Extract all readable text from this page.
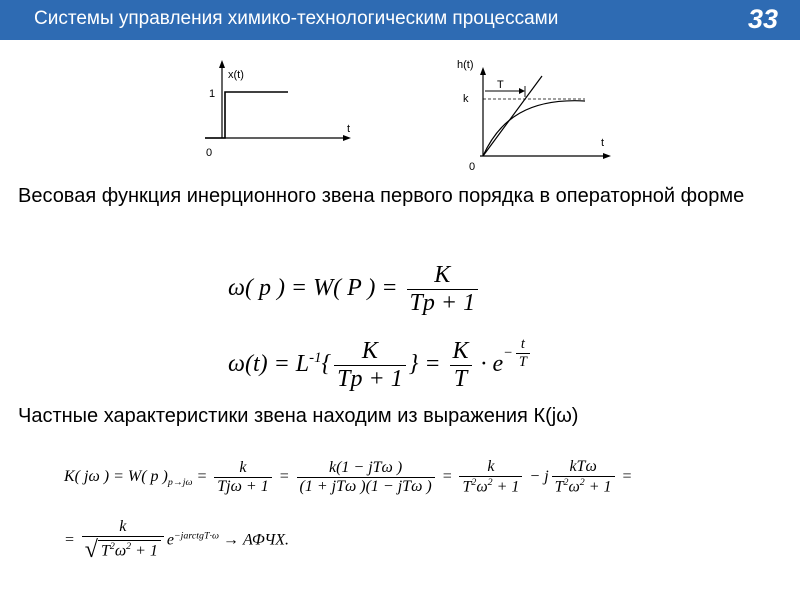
Системы управления химико-технологическим процессами	33
x(t)
1
0
t
h(t)
T
k
0
t
Весовая функция инерционного звена первого порядка в операторной форме
ω( p ) = W( P ) = $\frac{K}{Tp + 1}$
$\omega(t) = L^{-1}\{ \frac{K}{Tp + 1}$ } = $\frac{K}{T} \cdot e- \frac{t}{T}$
Частные характеристики звена находим из выражения К(jω)
K( jω ) = W( p )$_{p\to j\omega} = \frac{k}{\text{Tjω + 1}} = \frac{\text{k(1 − jTω )}}{\text{(1 + jTω )(1 − jTω )}} = \frac{k}{T^2\omega^2 + 1} - j \frac{\text{kTω}}{T^2\omega^2 + 1}$ =
= $\frac{k}{√ T^2\omega^2 + 1} e^{-jarctgT\cdot\omega}$ → АФЧХ.
